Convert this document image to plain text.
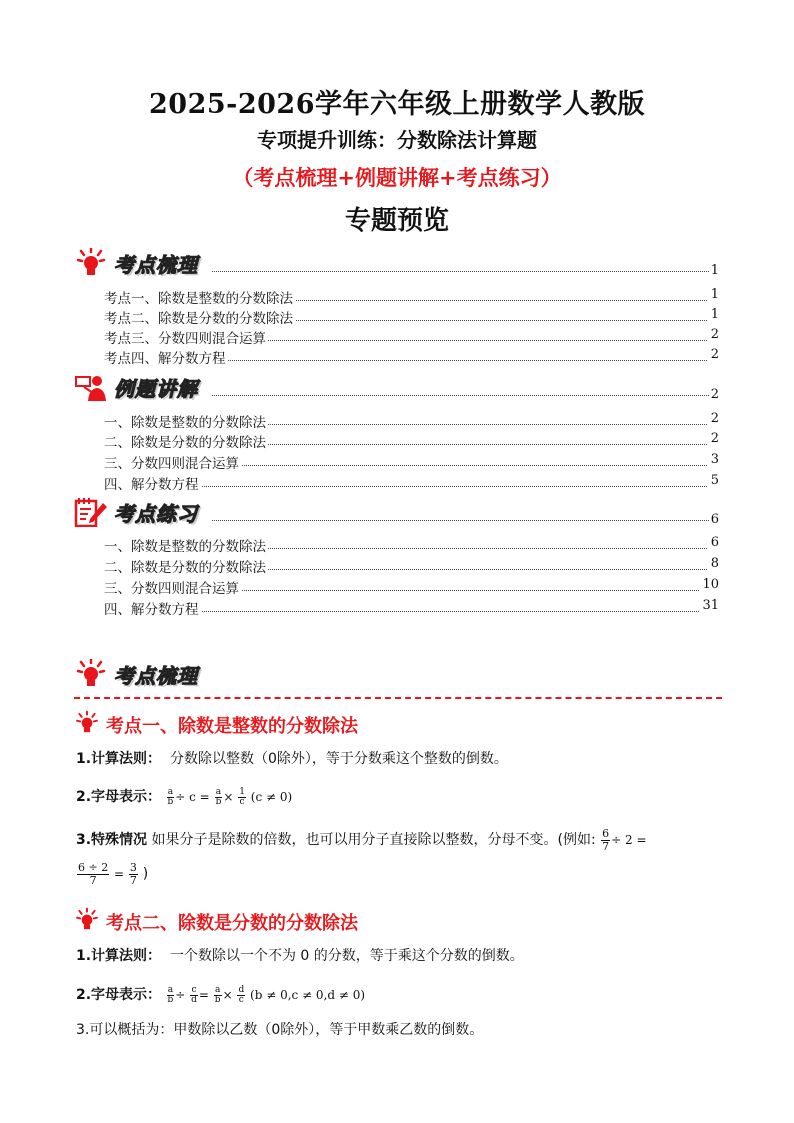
2025-2026学年六年级上册数学人教版
专项提升训练：分数除法计算题
（考点梳理+例题讲解+考点练习）
专题预览
考点梳理	1
考点一、除数是整数的分数除法	1
考点二、除数是分数的分数除法	1
考点三、分数四则混合运算	2
考点四、解分数方程	2
例题讲解	2
一、除数是整数的分数除法	2
二、除数是分数的分数除法	2
三、分数四则混合运算	3
四、解分数方程	5
考点练习	6
一、除数是整数的分数除法	6
二、除数是分数的分数除法	8
三、分数四则混合运算	10
四、解分数方程	31
考点梳理
考点一、除数是整数的分数除法
1.计算法则： 分数除以整数（0除外），等于分数乘这个整数的倒数。
2.字母表示： $\frac{a}{b} \div c = \frac{a}{b} \times \frac{1}{c} (c \ne 0)$
3.特殊情况 如果分子是除数的倍数，也可以用分子直接除以整数，分母不变。(例如: $\frac{6}{7} \div 2$ =
$\frac{6 \div 2}{7} = \frac{3}{7}$ )
考点二、除数是分数的分数除法
1.计算法则： 一个数除以一个不为 0 的分数，等于乘这个分数的倒数。
2.字母表示： $\frac{a}{b} \div \frac{c}{d} = \frac{a}{b} \times \frac{d}{c} (b \ne 0,c \ne 0,d \ne 0)$
3.可以概括为：甲数除以乙数（0除外），等于甲数乘乙数的倒数。
